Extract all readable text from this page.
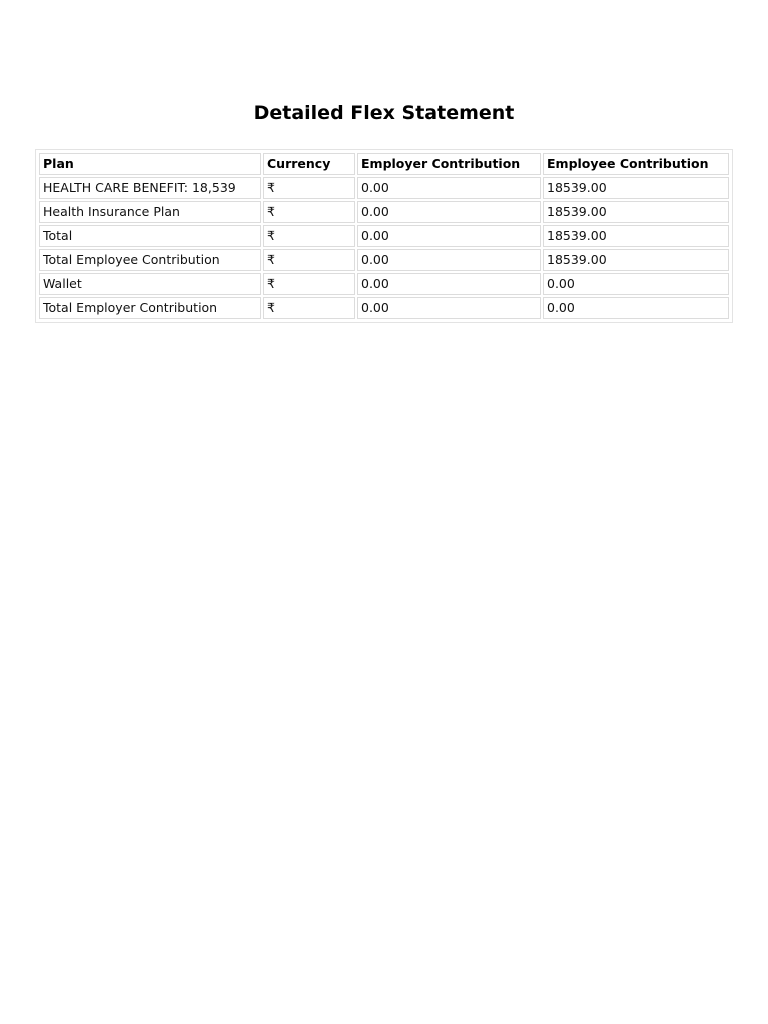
Detailed Flex Statement
Plan	Currency	Employer Contribution	Employee Contribution
HEALTH CARE BENEFIT: 18,539	₹	0.00	18539.00
Health Insurance Plan	₹	0.00	18539.00
Total	₹	0.00	18539.00
Total Employee Contribution	₹	0.00	18539.00
Wallet	₹	0.00	0.00
Total Employer Contribution	₹	0.00	0.00
